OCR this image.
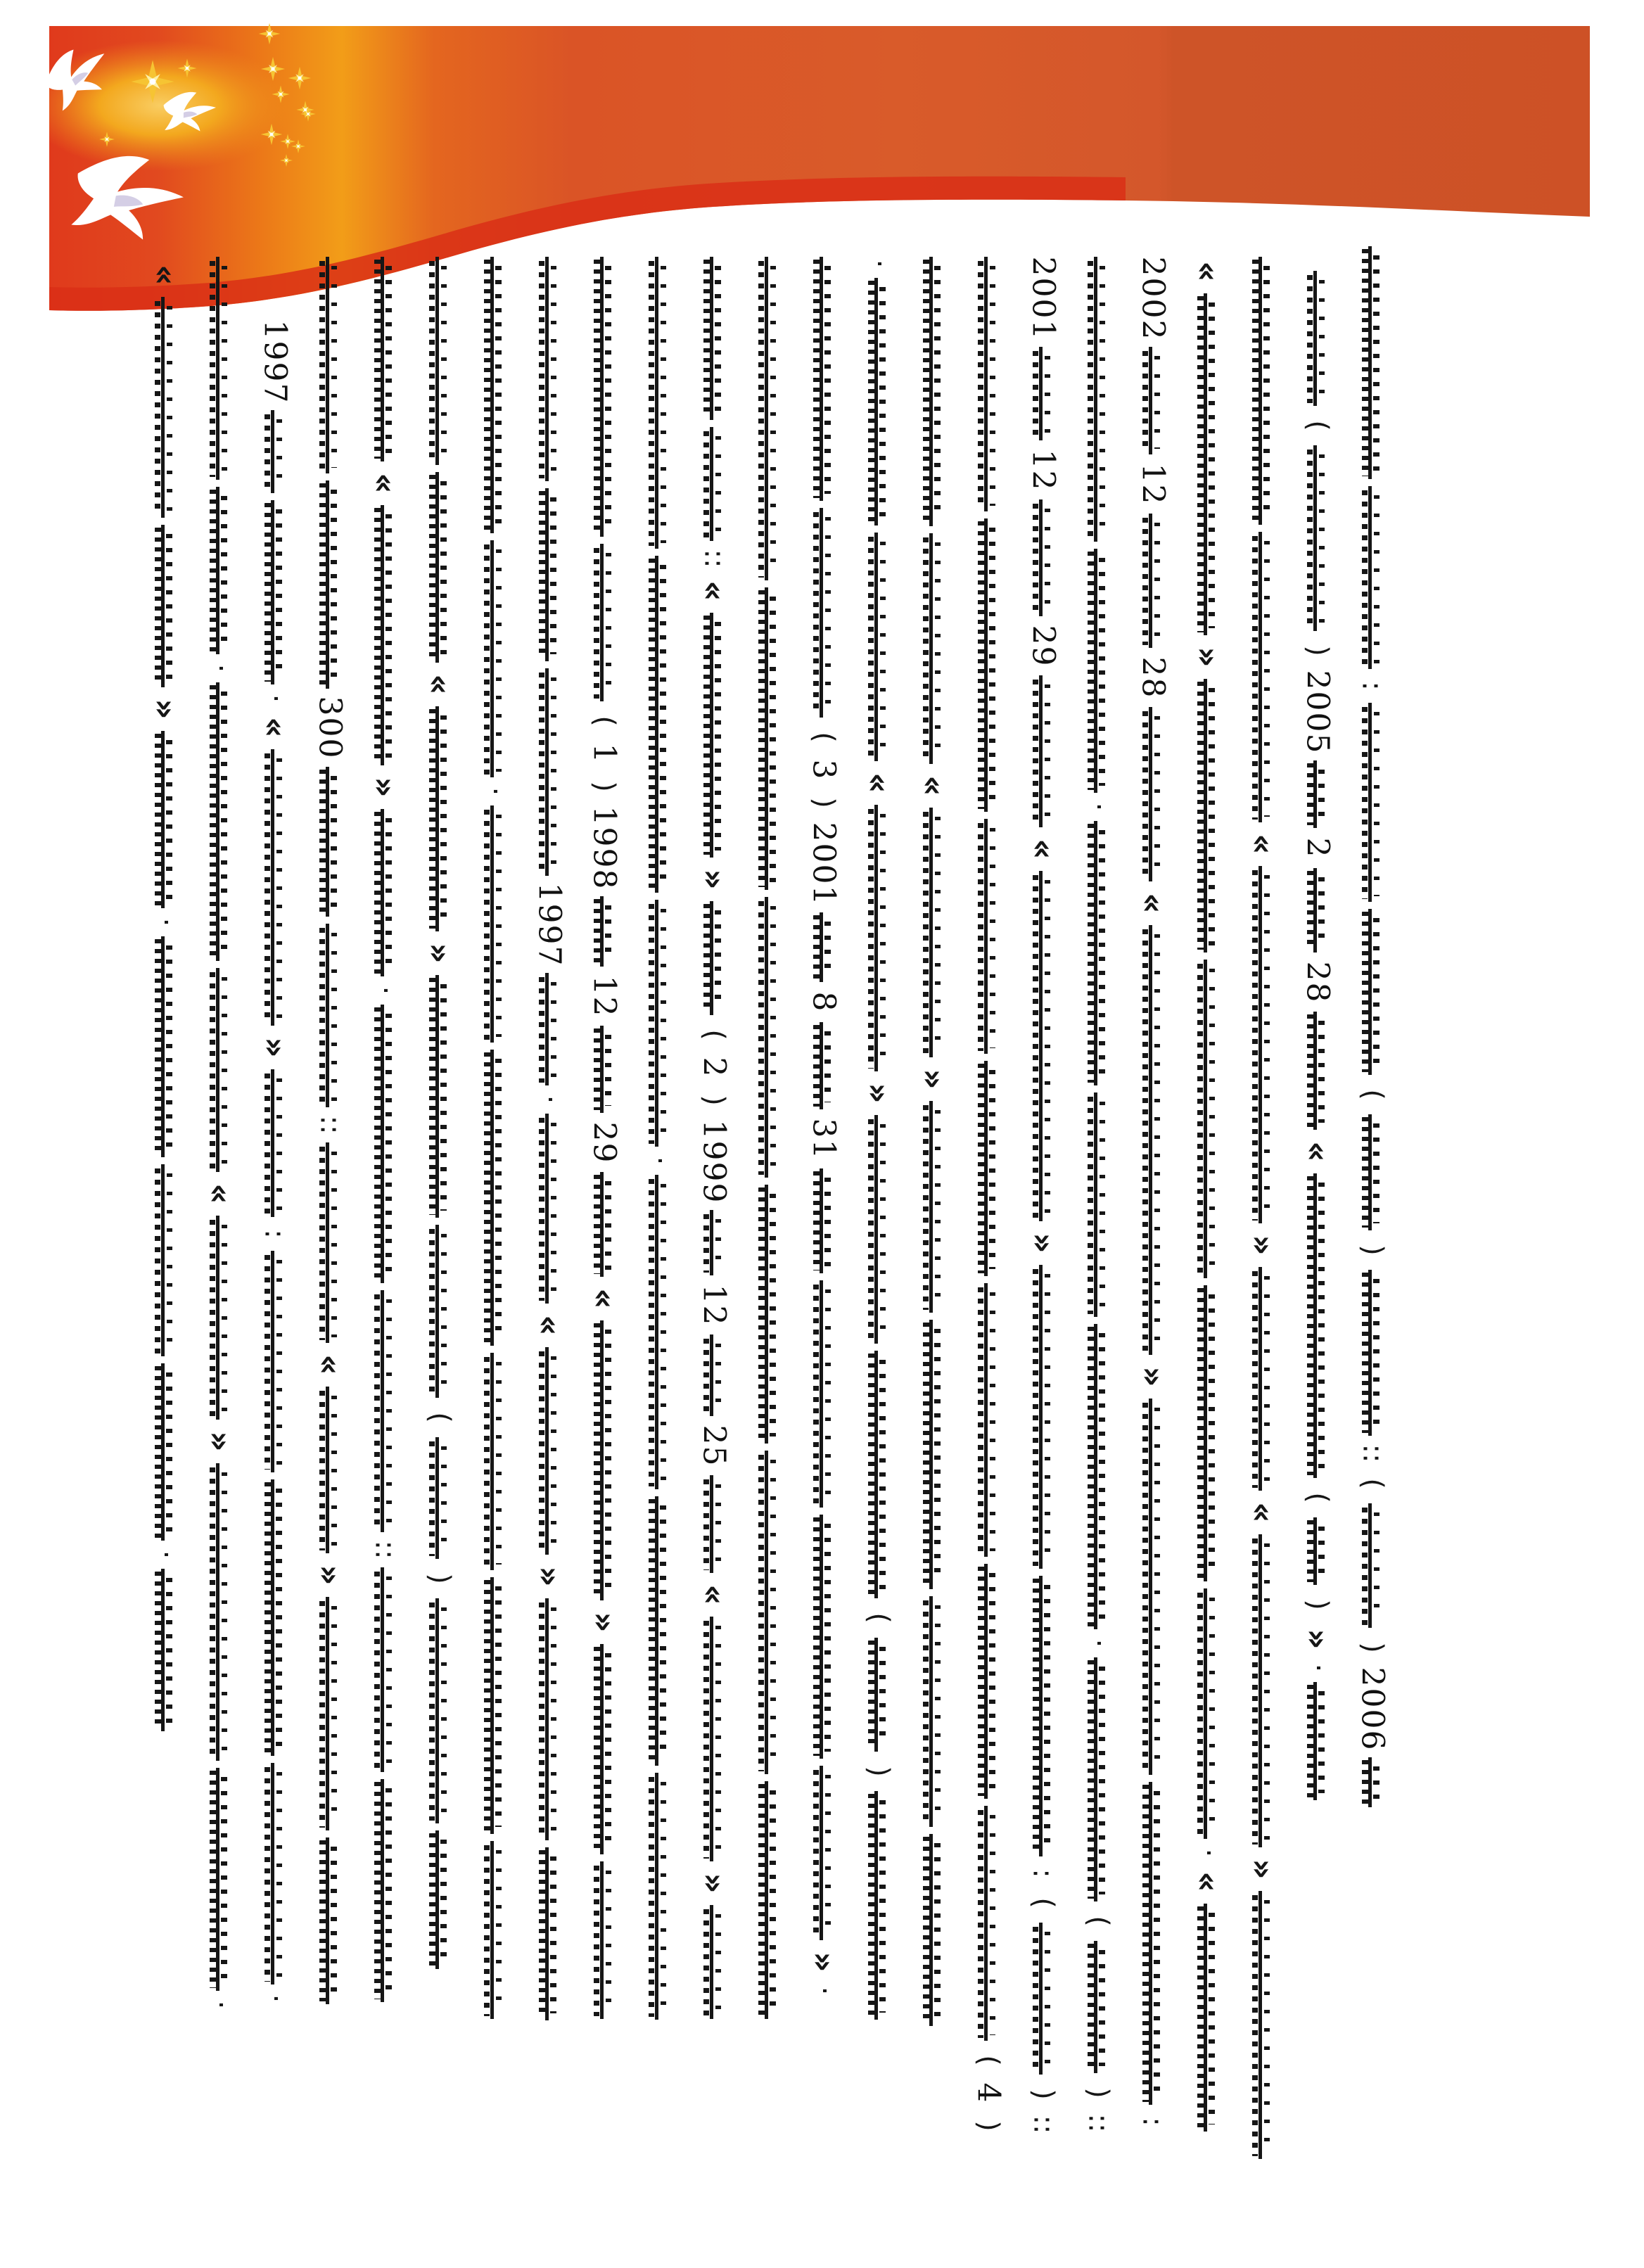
«
»
·
·
·
«
»
·
1997
·
«
»
:
·
300
::
«
»
«
»
·
::
«
»
(
)
·
1997
·
«
»
(
1
)
1998
12
29
«
»
·
::
«
»
(
2
)
1999
12
25
«
»
(
3
)
2001
8
31
»
·
·
«
»
(
)
«
»
(
4
)
2001
12
29
«
»
:
(
)
::
·
·
(
)
::
2002
12
28
«
»
:
«
»
·
«
«
»
«
»
(
)
2005
2
28
«
(
)
»
·
:
(
)
::
(
)
2006
